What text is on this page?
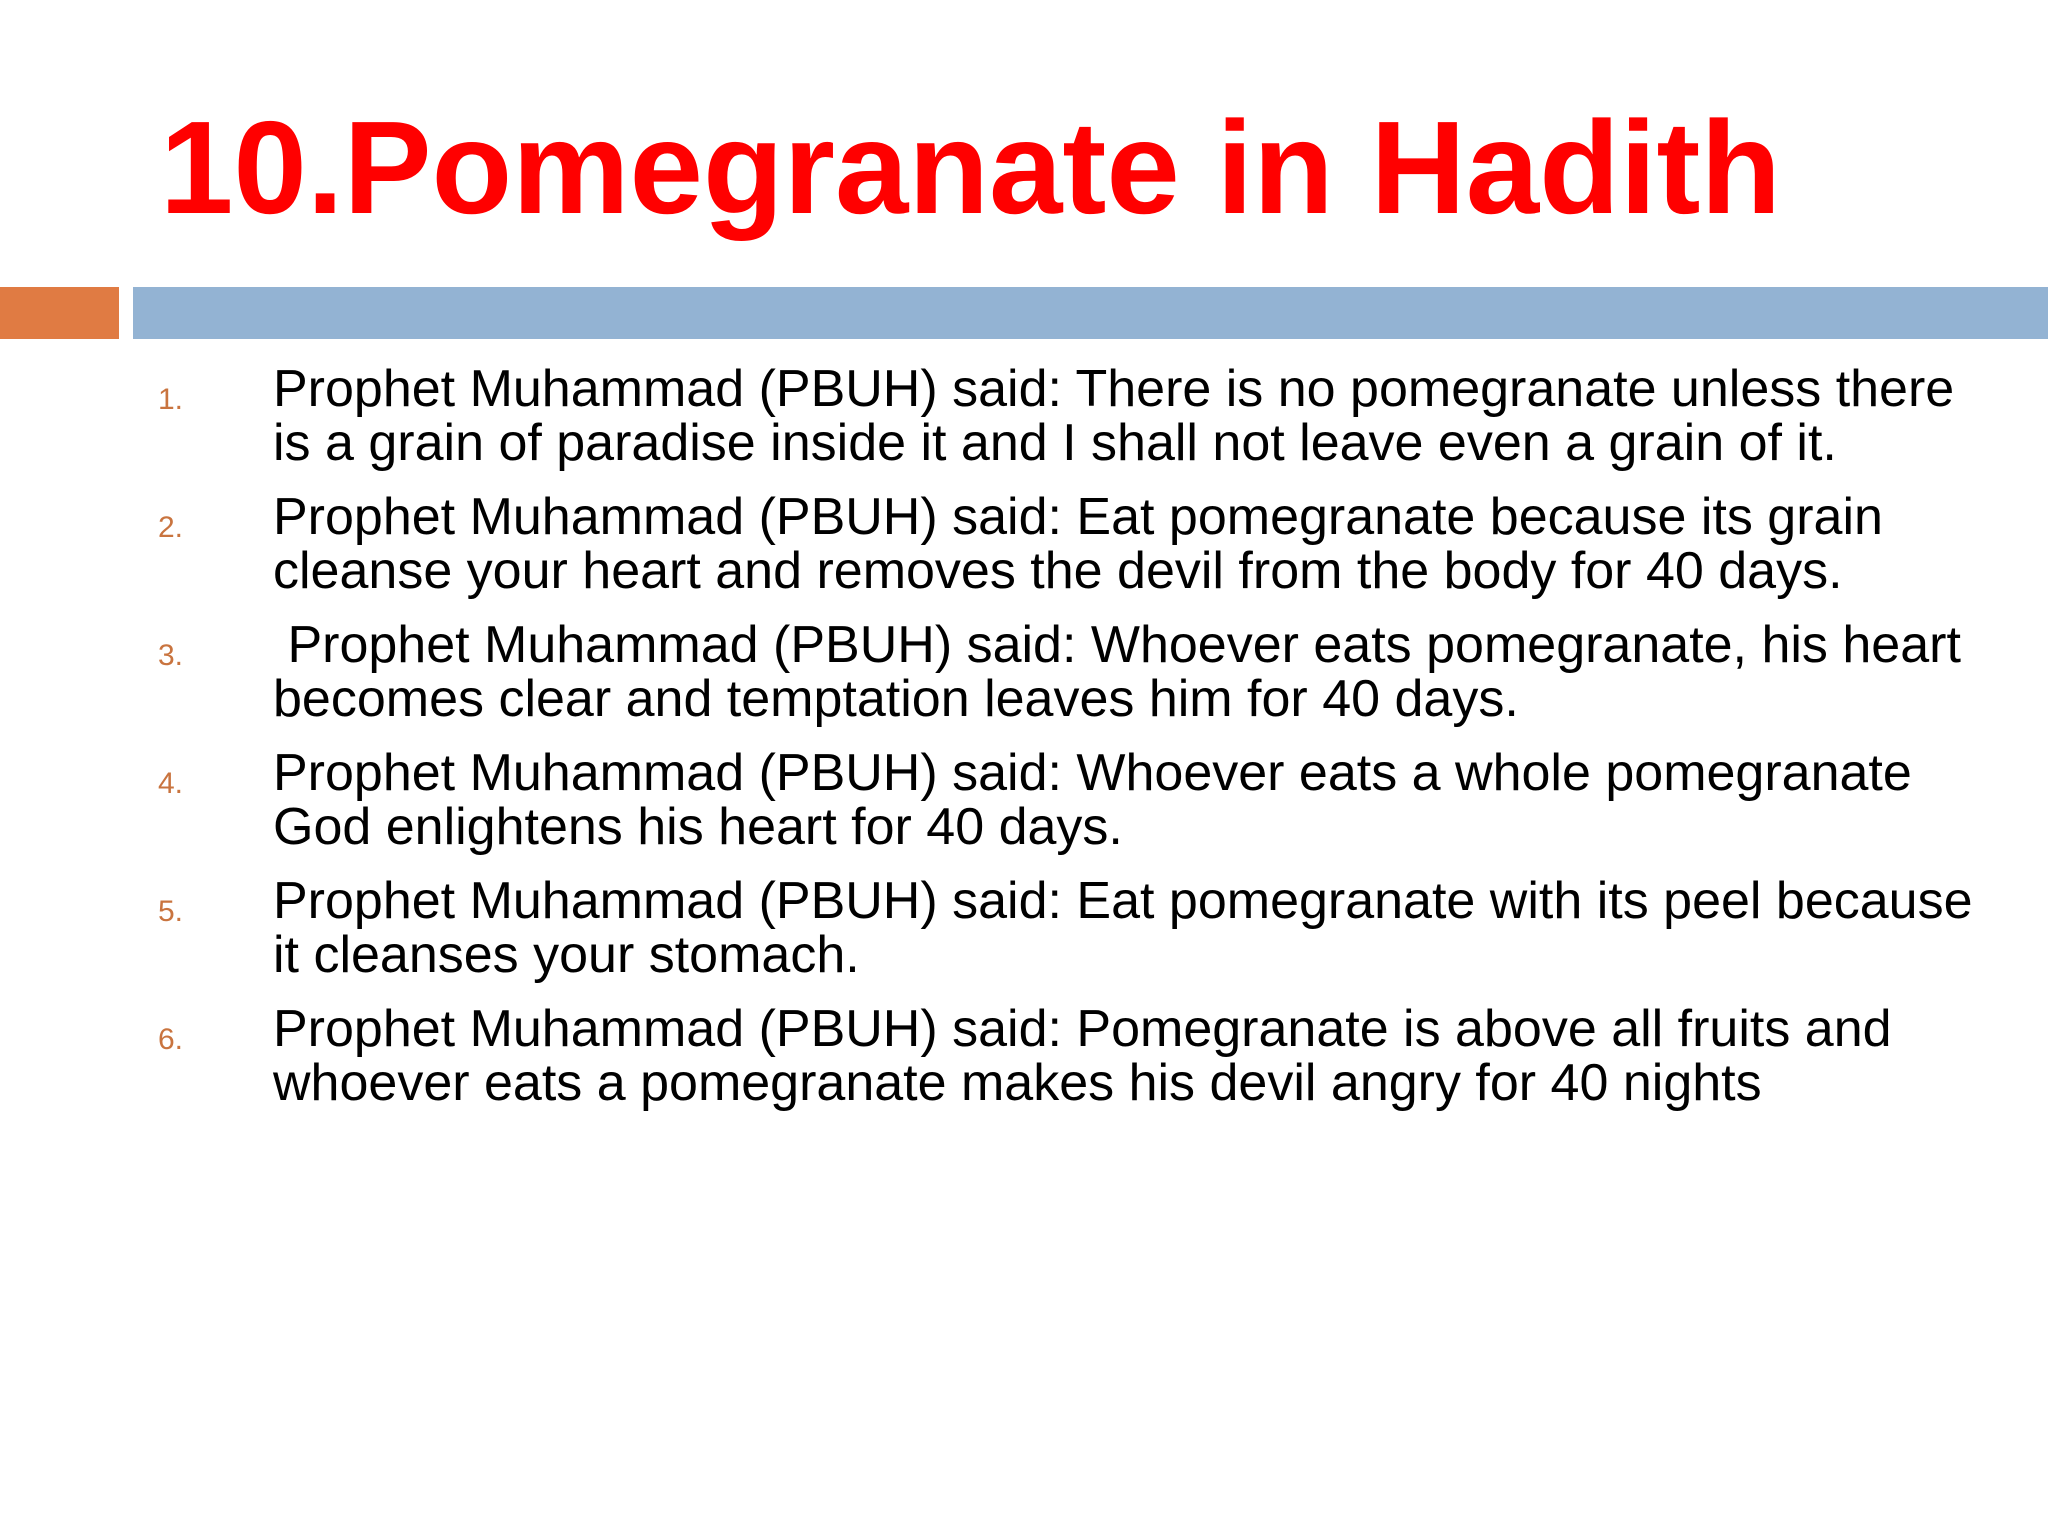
10.Pomegranate in Hadith
1. Prophet Muhammad (PBUH) said: There is no pomegranate unless there is a grain of paradise inside it and I shall not leave even a grain of it.
2. Prophet Muhammad (PBUH) said: Eat pomegranate because its grain cleanse your heart and removes the devil from the body for 40 days.
3. Prophet Muhammad (PBUH) said: Whoever eats pomegranate, his heart becomes clear and temptation leaves him for 40 days.
4. Prophet Muhammad (PBUH) said: Whoever eats a whole pomegranate God enlightens his heart for 40 days.
5. Prophet Muhammad (PBUH) said: Eat pomegranate with its peel because it cleanses your stomach.
6. Prophet Muhammad (PBUH) said: Pomegranate is above all fruits and whoever eats a pomegranate makes his devil angry for 40 nights
